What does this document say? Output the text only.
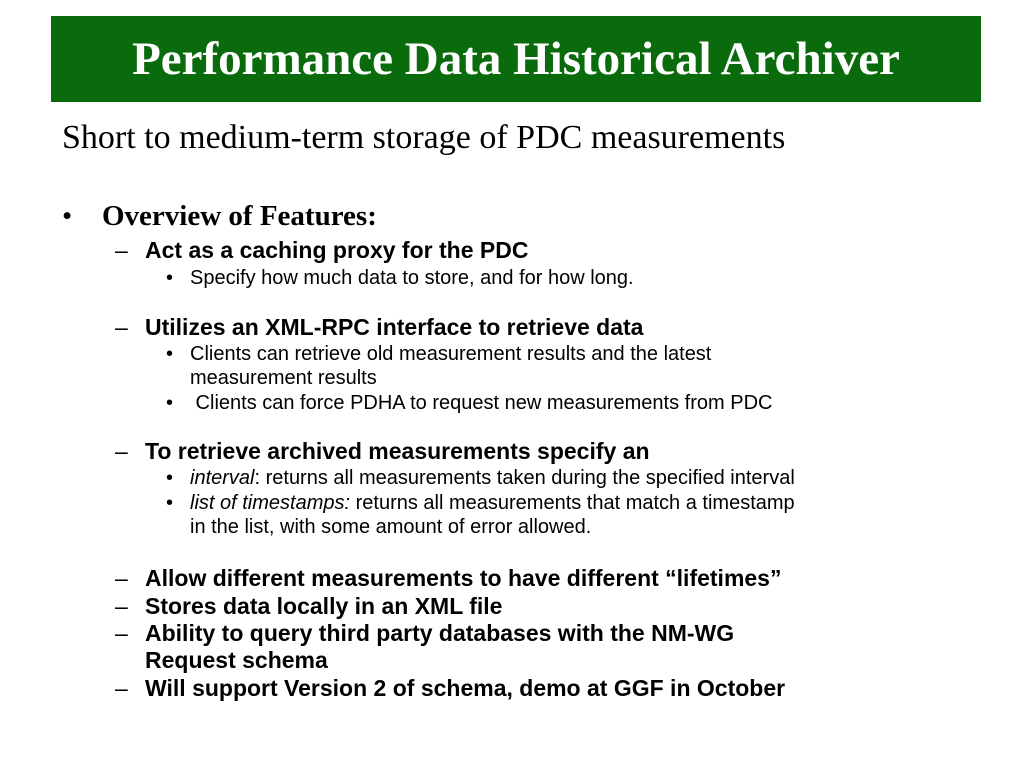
Performance Data Historical Archiver
Short to medium-term storage of PDC measurements
• Overview of Features:
– Act as a caching proxy for the PDC
• Specify how much data to store, and for how long.
– Utilizes an XML-RPC interface to retrieve data
• Clients can retrieve old measurement results and the latest
measurement results
• Clients can force PDHA to request new measurements from PDC
– To retrieve archived measurements specify an
• interval: returns all measurements taken during the specified interval
• list of timestamps: returns all measurements that match a timestamp
in the list, with some amount of error allowed.
– Allow different measurements to have different “lifetimes”
– Stores data locally in an XML file
– Ability to query third party databases with the NM-WG
Request schema
– Will support Version 2 of schema, demo at GGF in October
